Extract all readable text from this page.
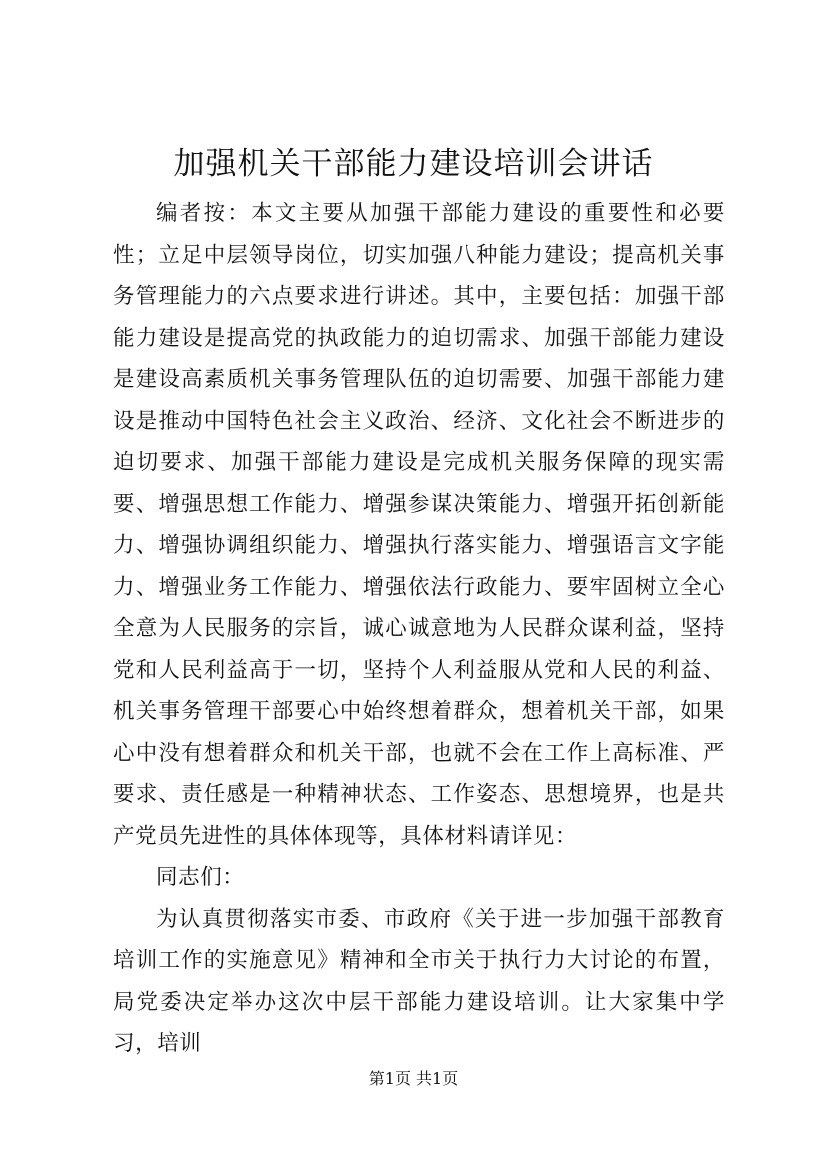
加强机关干部能力建设培训会讲话

编者按：本文主要从加强干部能力建设的重要性和必要性；立足中层领导岗位，切实加强八种能力建设；提高机关事务管理能力的六点要求进行讲述。其中，主要包括：加强干部能力建设是提高党的执政能力的迫切需求、加强干部能力建设是建设高素质机关事务管理队伍的迫切需要、加强干部能力建设是推动中国特色社会主义政治、经济、文化社会不断进步的迫切要求、加强干部能力建设是完成机关服务保障的现实需要、增强思想工作能力、增强参谋决策能力、增强开拓创新能力、增强协调组织能力、增强执行落实能力、增强语言文字能力、增强业务工作能力、增强依法行政能力、要牢固树立全心全意为人民服务的宗旨，诚心诚意地为人民群众谋利益，坚持党和人民利益高于一切，坚持个人利益服从党和人民的利益、机关事务管理干部要心中始终想着群众，想着机关干部，如果心中没有想着群众和机关干部，也就不会在工作上高标准、严要求、责任感是一种精神状态、工作姿态、思想境界，也是共产党员先进性的具体体现等，具体材料请详见：

同志们：

为认真贯彻落实市委、市政府《关于进一步加强干部教育培训工作的实施意见》精神和全市关于执行力大讨论的布置，局党委决定举办这次中层干部能力建设培训。让大家集中学习，培训

第1页 共1页
